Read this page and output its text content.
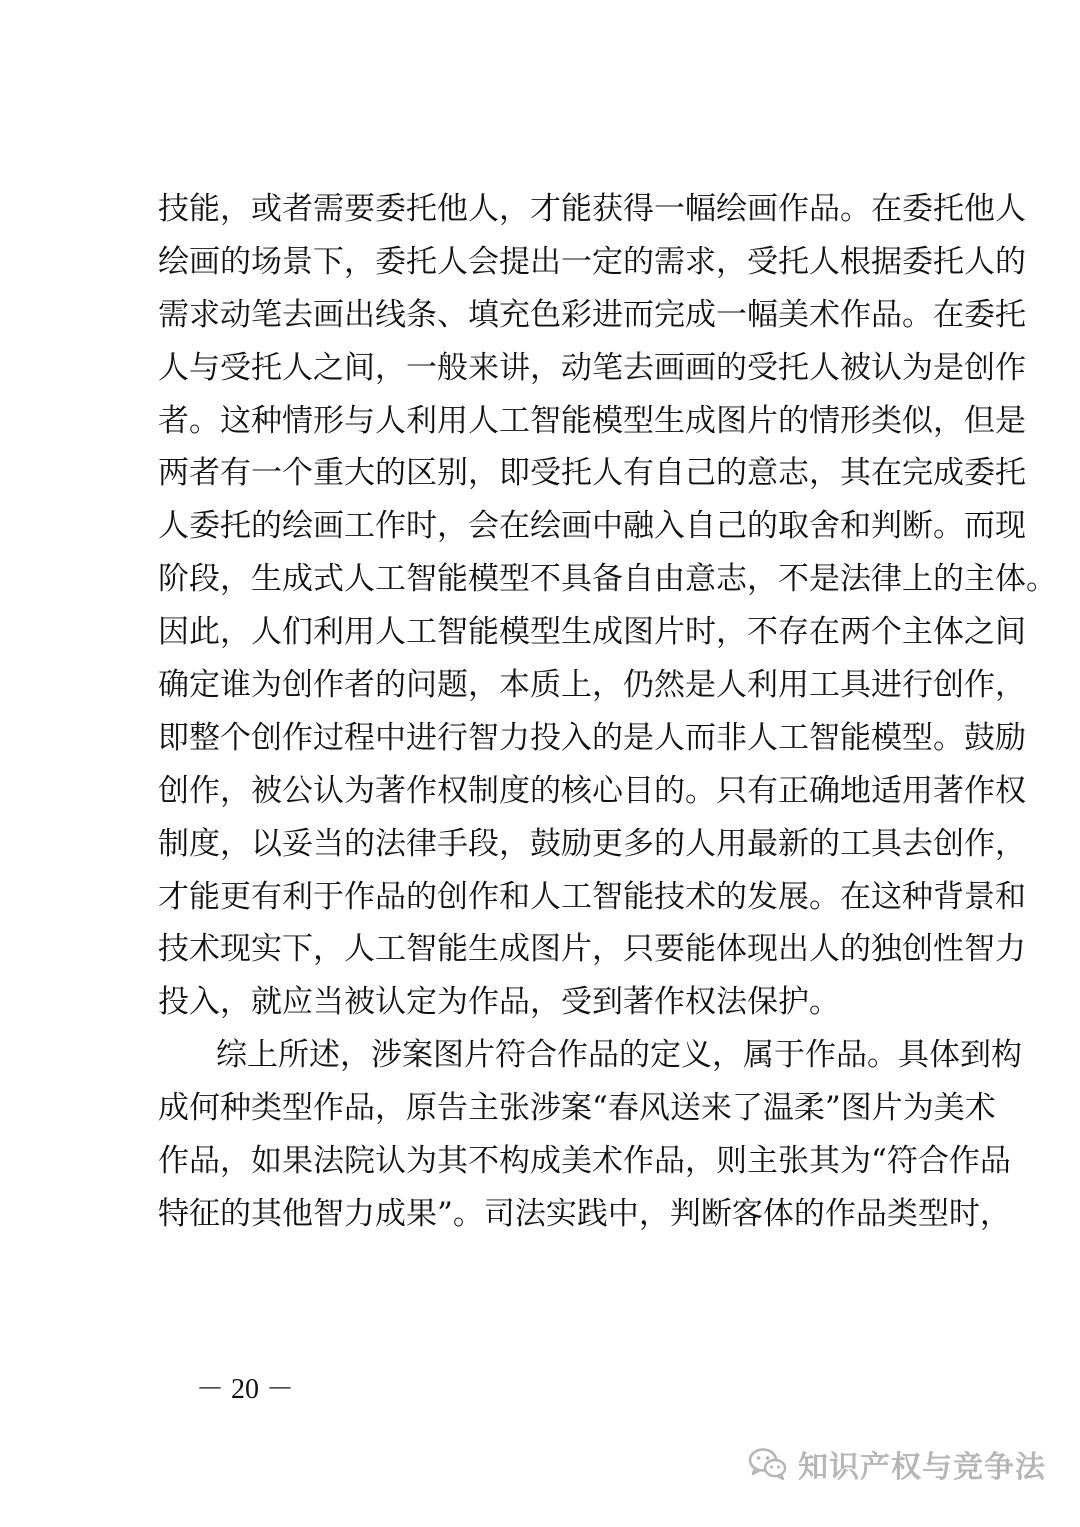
技能，或者需要委托他人，才能获得一幅绘画作品。在委托他人
绘画的场景下，委托人会提出一定的需求，受托人根据委托人的
需求动笔去画出线条、填充色彩进而完成一幅美术作品。在委托
人与受托人之间，一般来讲，动笔去画画的受托人被认为是创作
者。这种情形与人利用人工智能模型生成图片的情形类似，但是
两者有一个重大的区别，即受托人有自己的意志，其在完成委托
人委托的绘画工作时，会在绘画中融入自己的取舍和判断。而现
阶段，生成式人工智能模型不具备自由意志，不是法律上的主体。
因此，人们利用人工智能模型生成图片时，不存在两个主体之间
确定谁为创作者的问题，本质上，仍然是人利用工具进行创作，
即整个创作过程中进行智力投入的是人而非人工智能模型。鼓励
创作，被公认为著作权制度的核心目的。只有正确地适用著作权
制度，以妥当的法律手段，鼓励更多的人用最新的工具去创作，
才能更有利于作品的创作和人工智能技术的发展。在这种背景和
技术现实下，人工智能生成图片，只要能体现出人的独创性智力
投入，就应当被认定为作品，受到著作权法保护。
综上所述，涉案图片符合作品的定义，属于作品。具体到构
成何种类型作品，原告主张涉案“春风送来了温柔”图片为美术
作品，如果法院认为其不构成美术作品，则主张其为“符合作品
特征的其他智力成果”。司法实践中，判断客体的作品类型时，
－ 20 －
知识产权与竞争法
